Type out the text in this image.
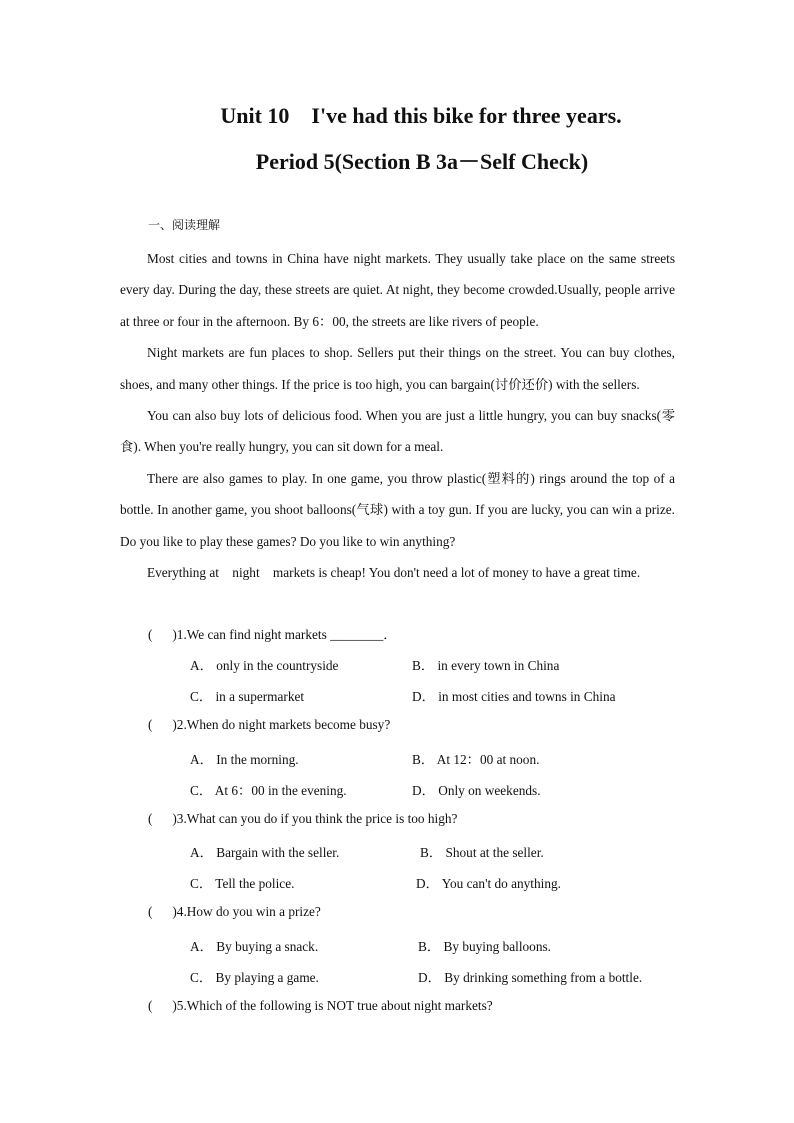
Unit 10    I've had this bike for three years.
Period 5(Section B 3a－Self Check)
一、阅读理解

Most cities and towns in China have night markets. They usually take place on the same streets every day. During the day, these streets are quiet. At night, they become crowded.Usually, people arrive at three or four in the afternoon. By 6：00, the streets are like rivers of people.

Night markets are fun places to shop. Sellers put their things on the street. You can buy clothes, shoes, and many other things. If the price is too high, you can bargain(讨价还价) with the sellers.

You can also buy lots of delicious food. When you are just a little hungry, you can buy snacks(零食). When you're really hungry, you can sit down for a meal.

There are also games to play. In one game, you throw plastic(塑料的) rings around the top of a bottle. In another game, you shoot balloons(气球) with a toy gun. If you are lucky, you can win a prize. Do you like to play these games? Do you like to win anything?

Everything at    night    markets is cheap! You don't need a lot of money to have a great time.

(      )1.We can find night markets ________．
A． only in the countryside	B． in every town in China
C． in a supermarket	D． in most cities and towns in China
(      )2.When do night markets become busy?
A． In the morning.	B． At 12：00 at noon.
C． At 6：00 in the evening.	D． Only on weekends.
(      )3.What can you do if you think the price is too high?
A． Bargain with the seller.	B． Shout at the seller.
C． Tell the police.	D． You can't do anything.
(      )4.How do you win a prize?
A． By buying a snack.	B． By buying balloons.
C． By playing a game.	D． By drinking something from a bottle.
(      )5.Which of the following is NOT true about night markets?
